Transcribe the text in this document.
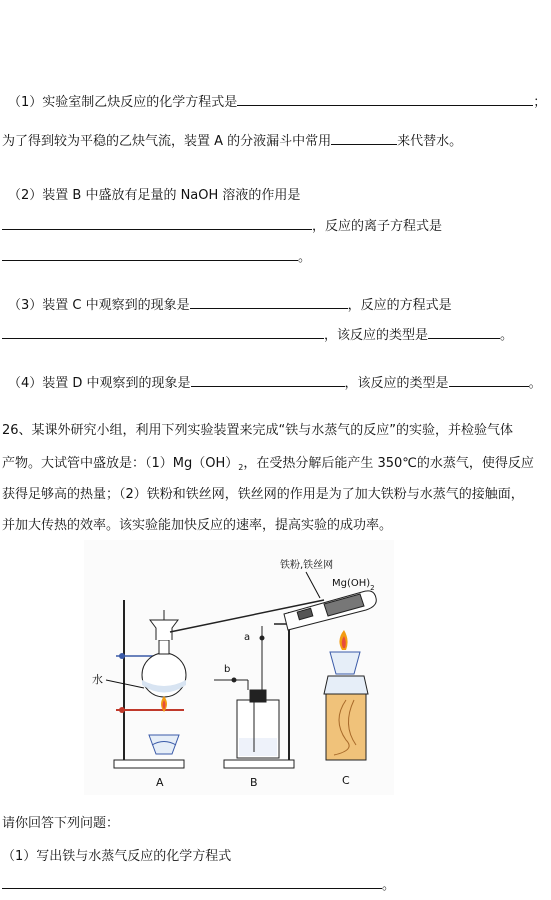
（1）实验室制乙炔反应的化学方程式是	；
为了得到较为平稳的乙炔气流，装置 A 的分液漏斗中常用	来代替水。
（2）装置 B 中盛放有足量的 NaOH 溶液的作用是
，反应的离子方程式是
。
（3）装置 C 中观察到的现象是	，反应的方程式是
，该反应的类型是	。
（4）装置 D 中观察到的现象是	，该反应的类型是	。
26、某课外研究小组，利用下列实验装置来完成“铁与水蒸气的反应”的实验，并检验气体
产物。大试管中盛放是：$(1)Mg(OH)_2$，在受热分解后能产生 350℃的水蒸气，使得反应
获得足够高的热量；（2）铁粉和铁丝网，铁丝网的作用是为了加大铁粉与水蒸气的接触面，
并加大传热的效率。该实验能加快反应的速率，提高实验的成功率。
铁粉,铁丝网
$Mg(OH)_2$
水
a
b
A	B	C
请你回答下列问题：
（1）写出铁与水蒸气反应的化学方程式
。
